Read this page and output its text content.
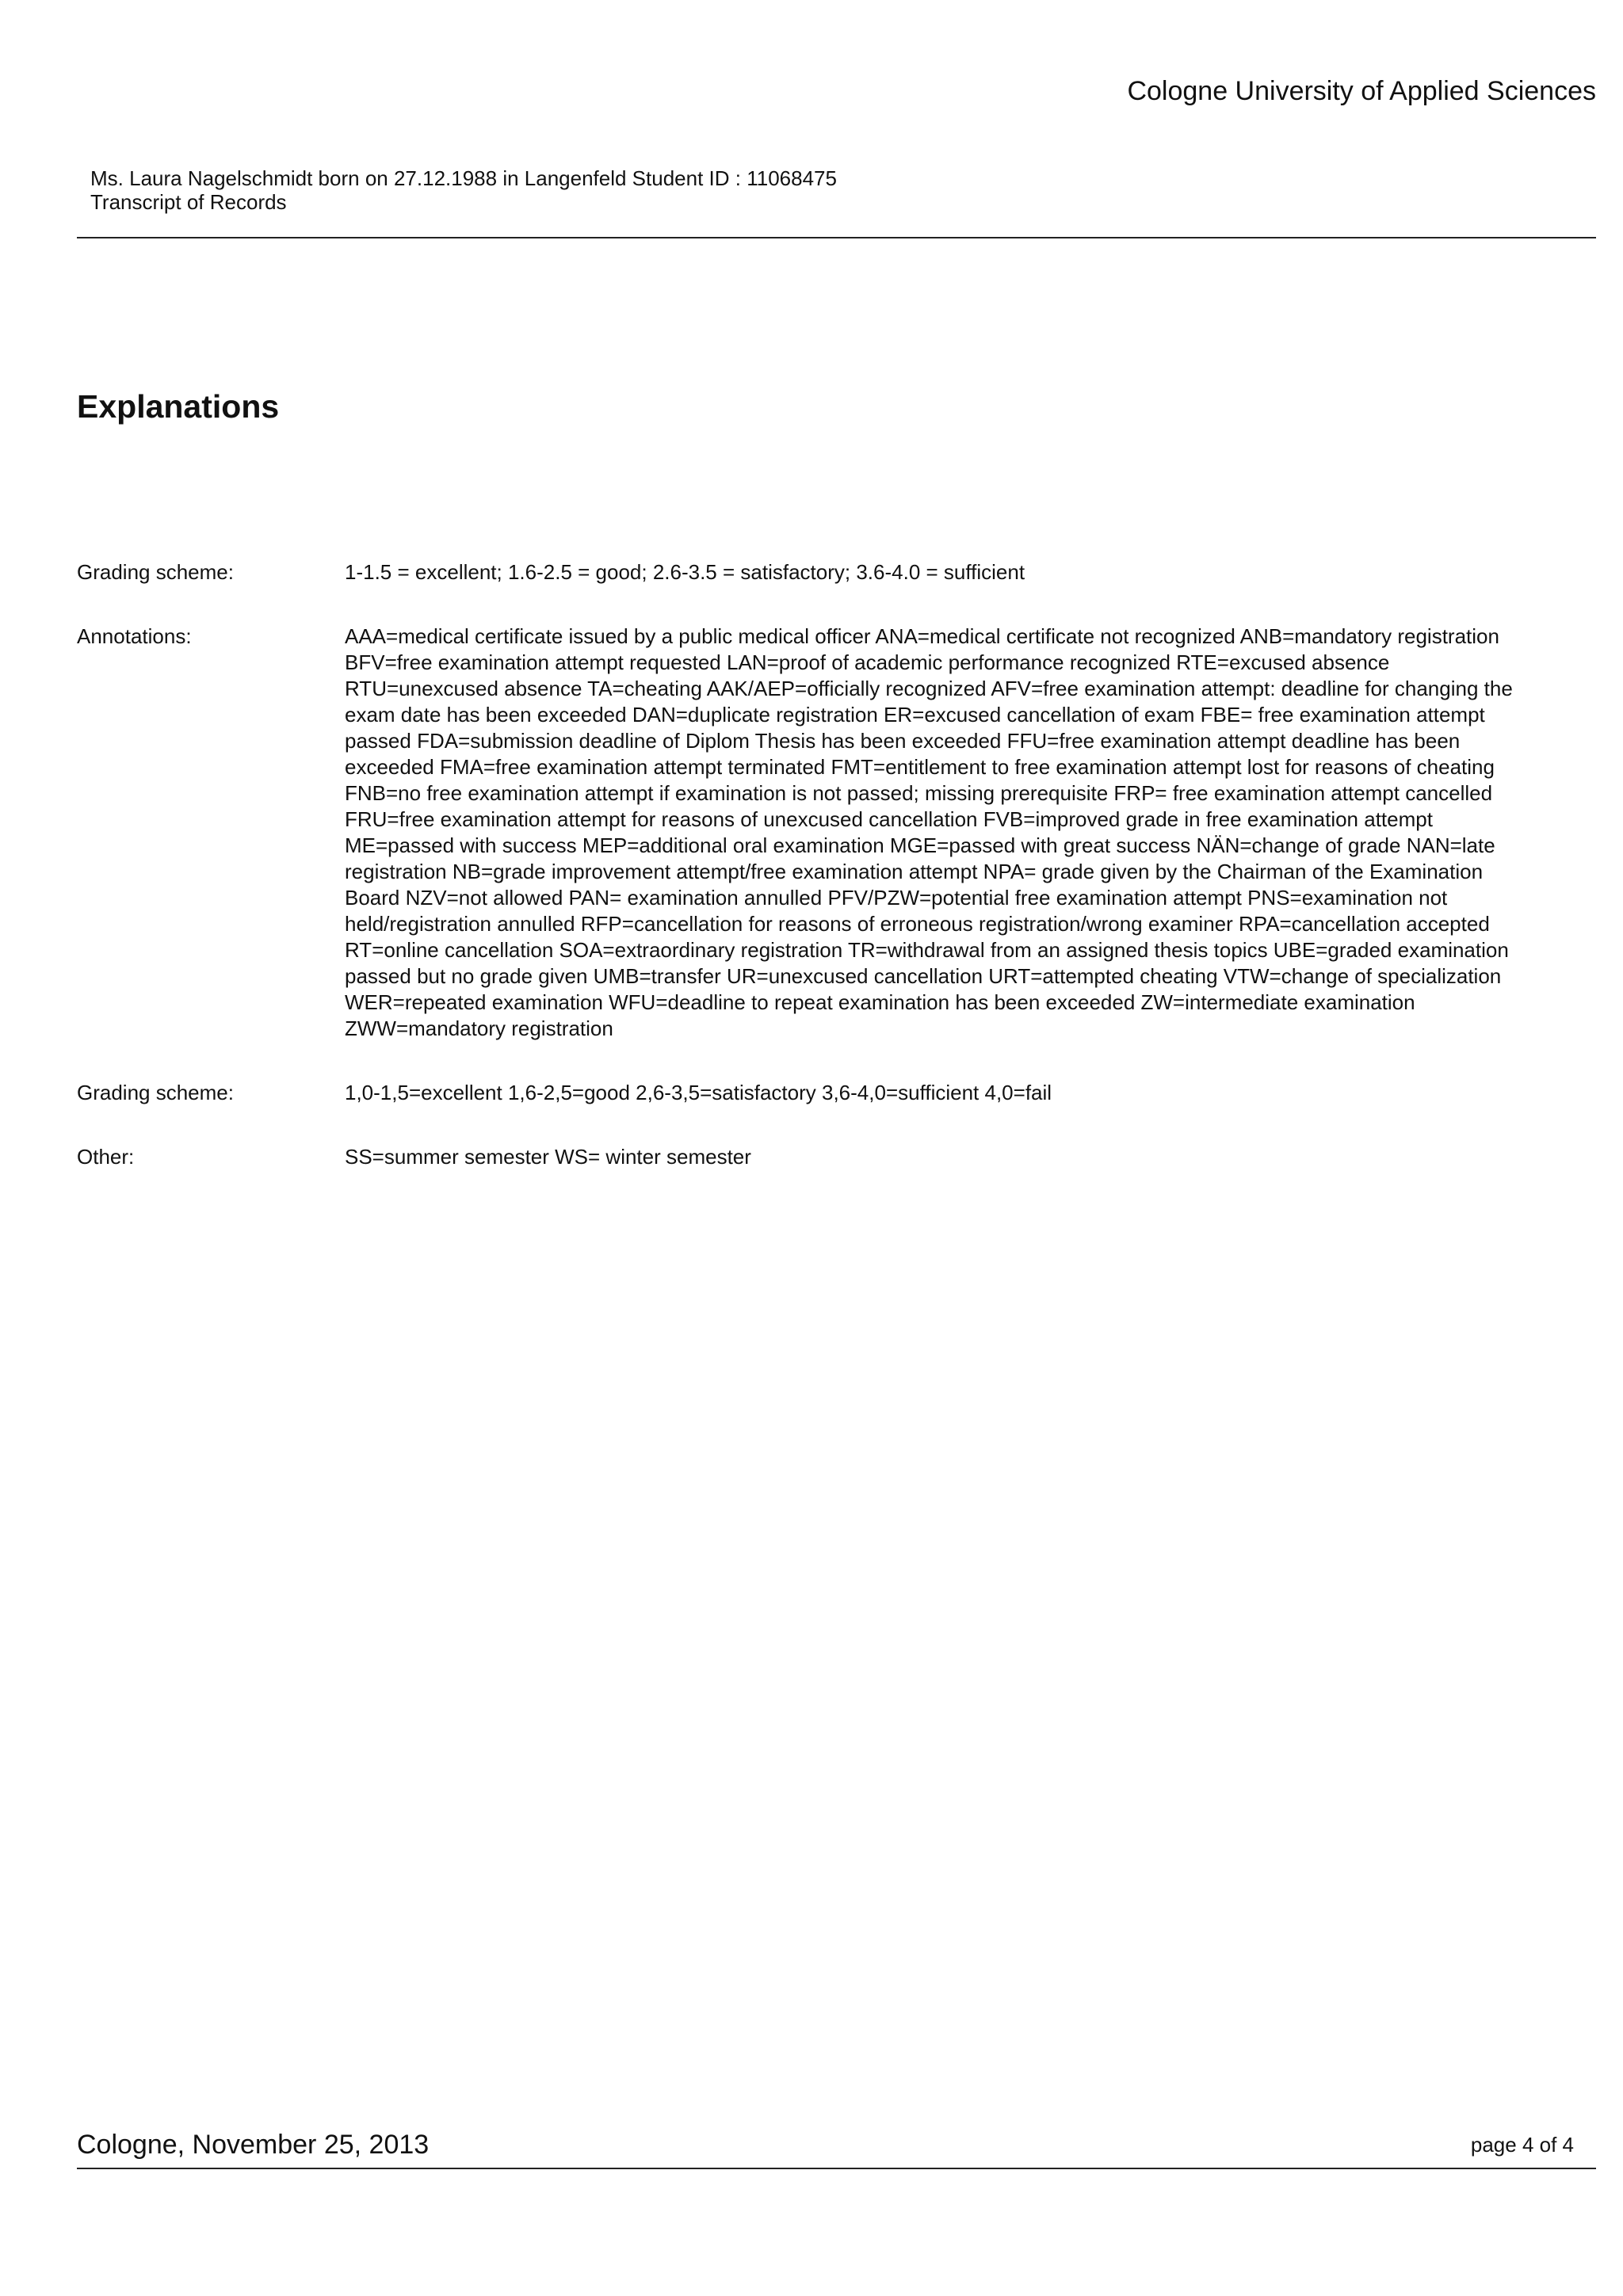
Cologne University of Applied Sciences
Ms. Laura Nagelschmidt born on 27.12.1988 in Langenfeld Student ID : 11068475
Transcript of Records
Explanations
Grading scheme:	1-1.5 = excellent; 1.6-2.5 = good; 2.6-3.5 = satisfactory; 3.6-4.0 = sufficient
Annotations:	AAA=medical certificate issued by a public medical officer ANA=medical certificate not recognized ANB=mandatory registration BFV=free examination attempt requested LAN=proof of academic performance recognized RTE=excused absence RTU=unexcused absence TA=cheating AAK/AEP=officially recognized AFV=free examination attempt: deadline for changing the exam date has been exceeded DAN=duplicate registration ER=excused cancellation of exam FBE= free examination attempt passed FDA=submission deadline of Diplom Thesis has been exceeded FFU=free examination attempt deadline has been exceeded FMA=free examination attempt terminated FMT=entitlement to free examination attempt lost for reasons of cheating FNB=no free examination attempt if examination is not passed; missing prerequisite FRP= free examination attempt cancelled FRU=free examination attempt for reasons of unexcused cancellation FVB=improved grade in free examination attempt ME=passed with success MEP=additional oral examination MGE=passed with great success NÄN=change of grade NAN=late registration NB=grade improvement attempt/free examination attempt NPA= grade given by the Chairman of the Examination Board NZV=not allowed PAN= examination annulled PFV/PZW=potential free examination attempt PNS=examination not held/registration annulled RFP=cancellation for reasons of erroneous registration/wrong examiner RPA=cancellation accepted RT=online cancellation SOA=extraordinary registration TR=withdrawal from an assigned thesis topics UBE=graded examination passed but no grade given UMB=transfer UR=unexcused cancellation URT=attempted cheating VTW=change of specialization WER=repeated examination WFU=deadline to repeat examination has been exceeded ZW=intermediate examination ZWW=mandatory registration
Grading scheme:	1,0-1,5=excellent 1,6-2,5=good 2,6-3,5=satisfactory 3,6-4,0=sufficient 4,0=fail
Other:	SS=summer semester WS= winter semester
Cologne, November 25, 2013	page 4 of 4
